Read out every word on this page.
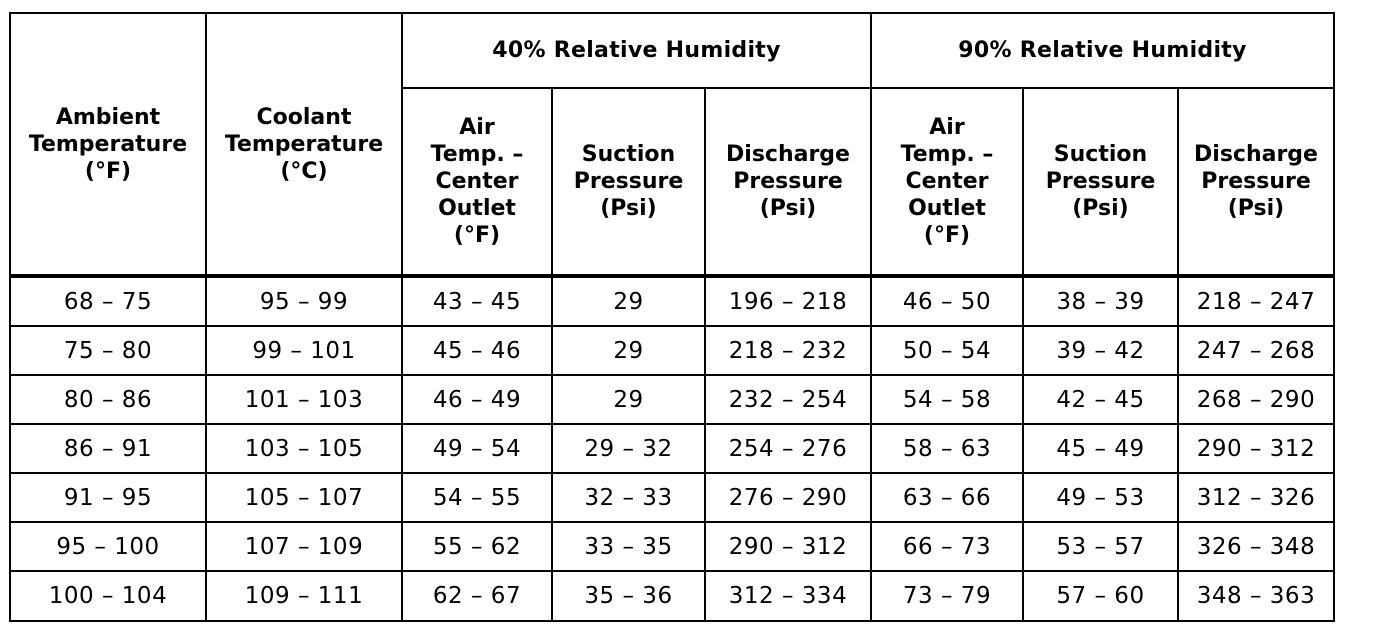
Ambient
Temperature
(°F)	Coolant
Temperature
(°C)	40% Relative Humidity			90% Relative Humidity		

		Air
Temp. –
Center
Outlet
(°F)	Suction
Pressure
(Psi)	Discharge
Pressure
(Psi)	Air
Temp. –
Center
Outlet
(°F)	Suction
Pressure
(Psi)	Discharge
Pressure
(Psi)

68 – 75	95 – 99	43 – 45	29	196 – 218	46 – 50	38 – 39	218 – 247
75 – 80	99 – 101	45 – 46	29	218 – 232	50 – 54	39 – 42	247 – 268
80 – 86	101 – 103	46 – 49	29	232 – 254	54 – 58	42 – 45	268 – 290
86 – 91	103 – 105	49 – 54	29 – 32	254 – 276	58 – 63	45 – 49	290 – 312
91 – 95	105 – 107	54 – 55	32 – 33	276 – 290	63 – 66	49 – 53	312 – 326
95 – 100	107 – 109	55 – 62	33 – 35	290 – 312	66 – 73	53 – 57	326 – 348
100 – 104	109 – 111	62 – 67	35 – 36	312 – 334	73 – 79	57 – 60	348 – 363
